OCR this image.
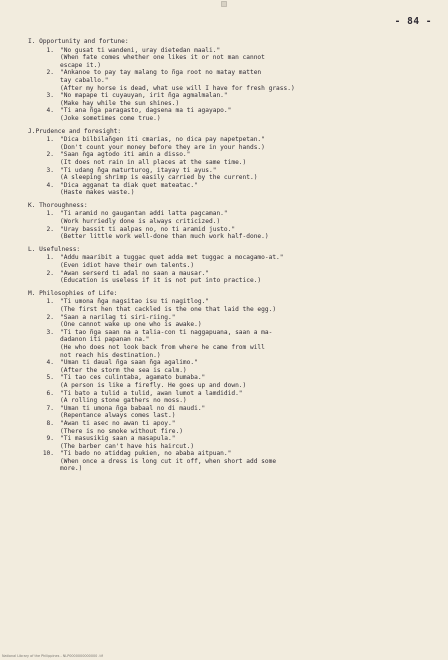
- 84 -
I. Opportunity and fortune:
1. "No gusat ti wandeni, uray dietedan maali."
(When fate comes whether one likes it or not man cannot
escape it.)
2. "Ankanoe to pay tay malang to ñga root no matay matten
tay caballo."
(After my horse is dead, what use will I have for fresh grass.)
3. "No mapape ti cuyauyan, irit ñga agmalmalan."
(Make hay while the sun shines.)
4. "Ti ana ñga paragasto, dagsena ma ti agayapo."
(Joke sometimes come true.)
J.Prudence and foresight:
1. "Dica bilbilañgen iti cmarias, no dica pay napetpetan."
(Don't count your money before they are in your hands.)
2. "Saan ñga agtodo iti amin a disso."
(It does not rain in all places at the same time.)
3. "Ti udang ñga maturturog, itayay ti ayus."
(A sleeping shrimp is easily carried by the current.)
4. "Dica agganat ta diak quet mateatac."
(Haste makes waste.)
K. Thoroughness:
1. "Ti aramid no gaugantan addi latta pagcaman."
(Work hurriedly done is always criticized.)
2. "Uray bassit ti aalpas no, no ti aramid justo."
(Better little work well-done than much work half-done.)
L. Usefulness:
1. "Addu maaribit a tuggac quet adda met tuggac a mocagamo-at."
(Even idiot have their own talents.)
2. "Awan serserd ti adal no saan a mausar."
(Education is useless if it is not put into practice.)
M. Philosophies of Life:
1. "Ti umona ñga nagsitao isu ti nagitlog."
(The first hen that cackled is the one that laid the egg.)
2. "Saan a narilag ti siri-riing."
(One cannot wake up one who is awake.)
3. "Ti tao ñga saan na a talia-con ti naggapuana, saan a ma-
dadanon iti papanan na."
(He who does not look back from where he came from will
not reach his destination.)
4. "Uman ti daual ñga saan ñga agalimo."
(After the storm the sea is calm.)
5. "Ti tao ces culintaba, agamato bumaba."
(A person is like a firefly. He goes up and down.)
6. "Ti bato a tulid a tulid, awan lumot a lamdidid."
(A rolling stone gathers no moss.)
7. "Uman ti umona ñga babaal no di maudi."
(Repentance always comes last.)
8. "Awan ti asec no awan ti apoy."
(There is no smoke without fire.)
9. "Ti masusikig saan a masapula."
(The barber can't have his haircut.)
10. "Ti bado no atiddag pukien, no ababa aitpuan."
(When once a dress is long cut it off, when short add some
more.)
National Library of the Philippines - NLP0000000000000 .tif
